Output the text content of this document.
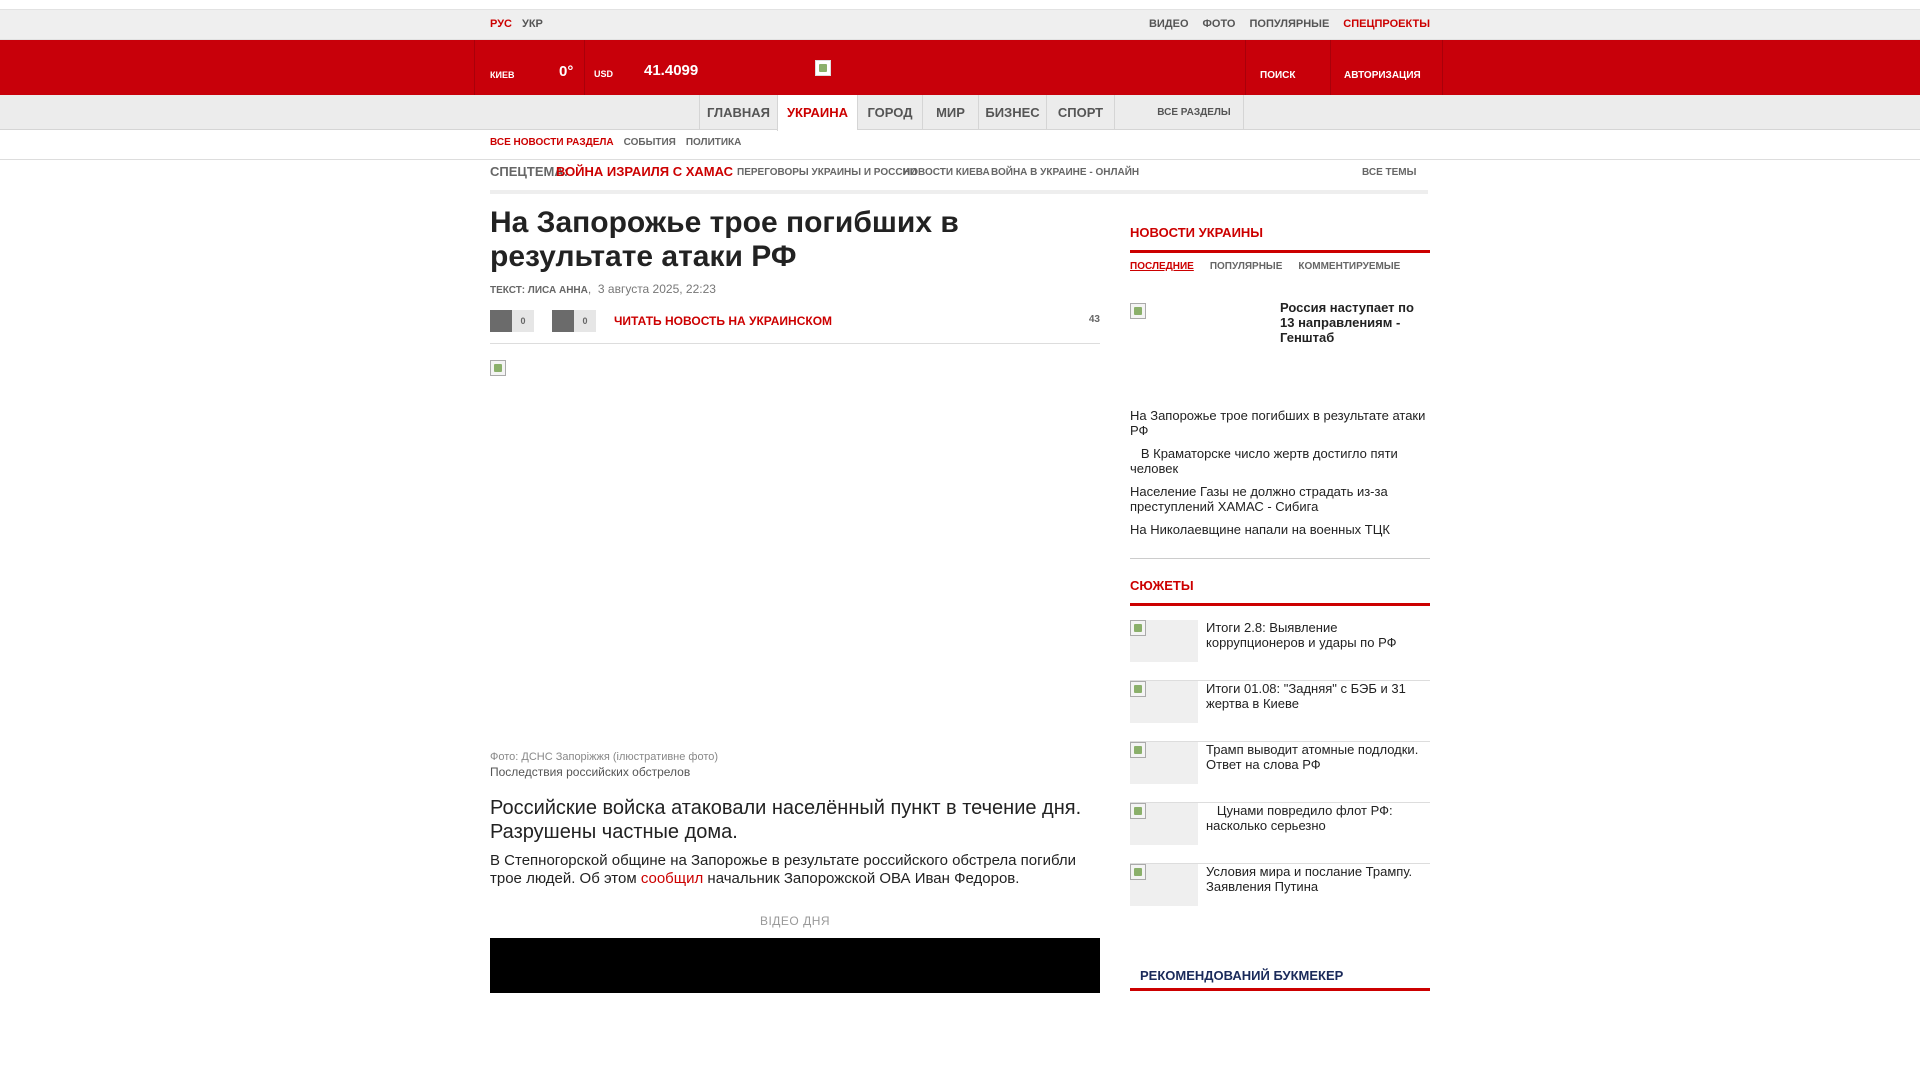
РУС УКР	ВИДЕО ФОТО ПОПУЛЯРНЫЕ СПЕЦПРОЕКТЫ
КИЕВ	0° USD 41.4099	ПОИСК	АВТОРИЗАЦИЯ
ГЛАВНАЯ	УКРАИНА	ГОРОД	МИР	БИЗНЕС	СПОРТ	ВСЕ РАЗДЕЛЫ
ВСЕ НОВОСТИ РАЗДЕЛА СОБЫТИЯ ПОЛИТИКА
СПЕЦТЕМА:
ВОЙНА ИЗРАИЛЯ С ХАМАС ПЕРЕГОВОРЫ УКРАИНЫ И РОССИИ
НОВОСТИ КИЕВА ВОЙНА В УКРАИНЕ - ОНЛАЙН	ВСЕ ТЕМЫ
На Запорожье трое погибших в результате атаки РФ
ТЕКСТ: ЛИСА АННА, 3 августа 2025, 22:23
0	0	ЧИТАТЬ НОВОСТЬ НА УКРАИНСКОМ	43
Фото: ДСНС Запоріжжя (ілюстративне фото)
Последствия российских обстрелов

Российские войска атаковали населённый пункт в течение дня. Разрушены частные дома.

В Степногорской общине на Запорожье в результате российского обстрела погибли трое людей. Об этом сообщил начальник Запорожской ОВА Иван Федоров.

ВІДЕО ДНЯ
НОВОСТИ УКРАИНЫ
ПОСЛЕДНИЕ ПОПУЛЯРНЫЕ КОММЕНТИРУЕМЫЕ
Россия наступает по 13 направлениям - Генштаб
На Запорожье трое погибших в результате атаки РФ
В Краматорске число жертв достигло пяти человек
Население Газы не должно страдать из-за преступлений ХАМАС - Сибига
На Николаевщине напали на военных ТЦК
СЮЖЕТЫ
Итоги 2.8: Выявление коррупционеров и удары по РФ
Итоги 01.08: "Задняя" с БЭБ и 31 жертва в Киеве
Трамп выводит атомные подлодки. Ответ на слова РФ
Цунами повредило флот РФ: насколько серьезно
Условия мира и послание Трампу. Заявления Путина
РЕКОМЕНДОВАНИЙ БУКМЕКЕР
